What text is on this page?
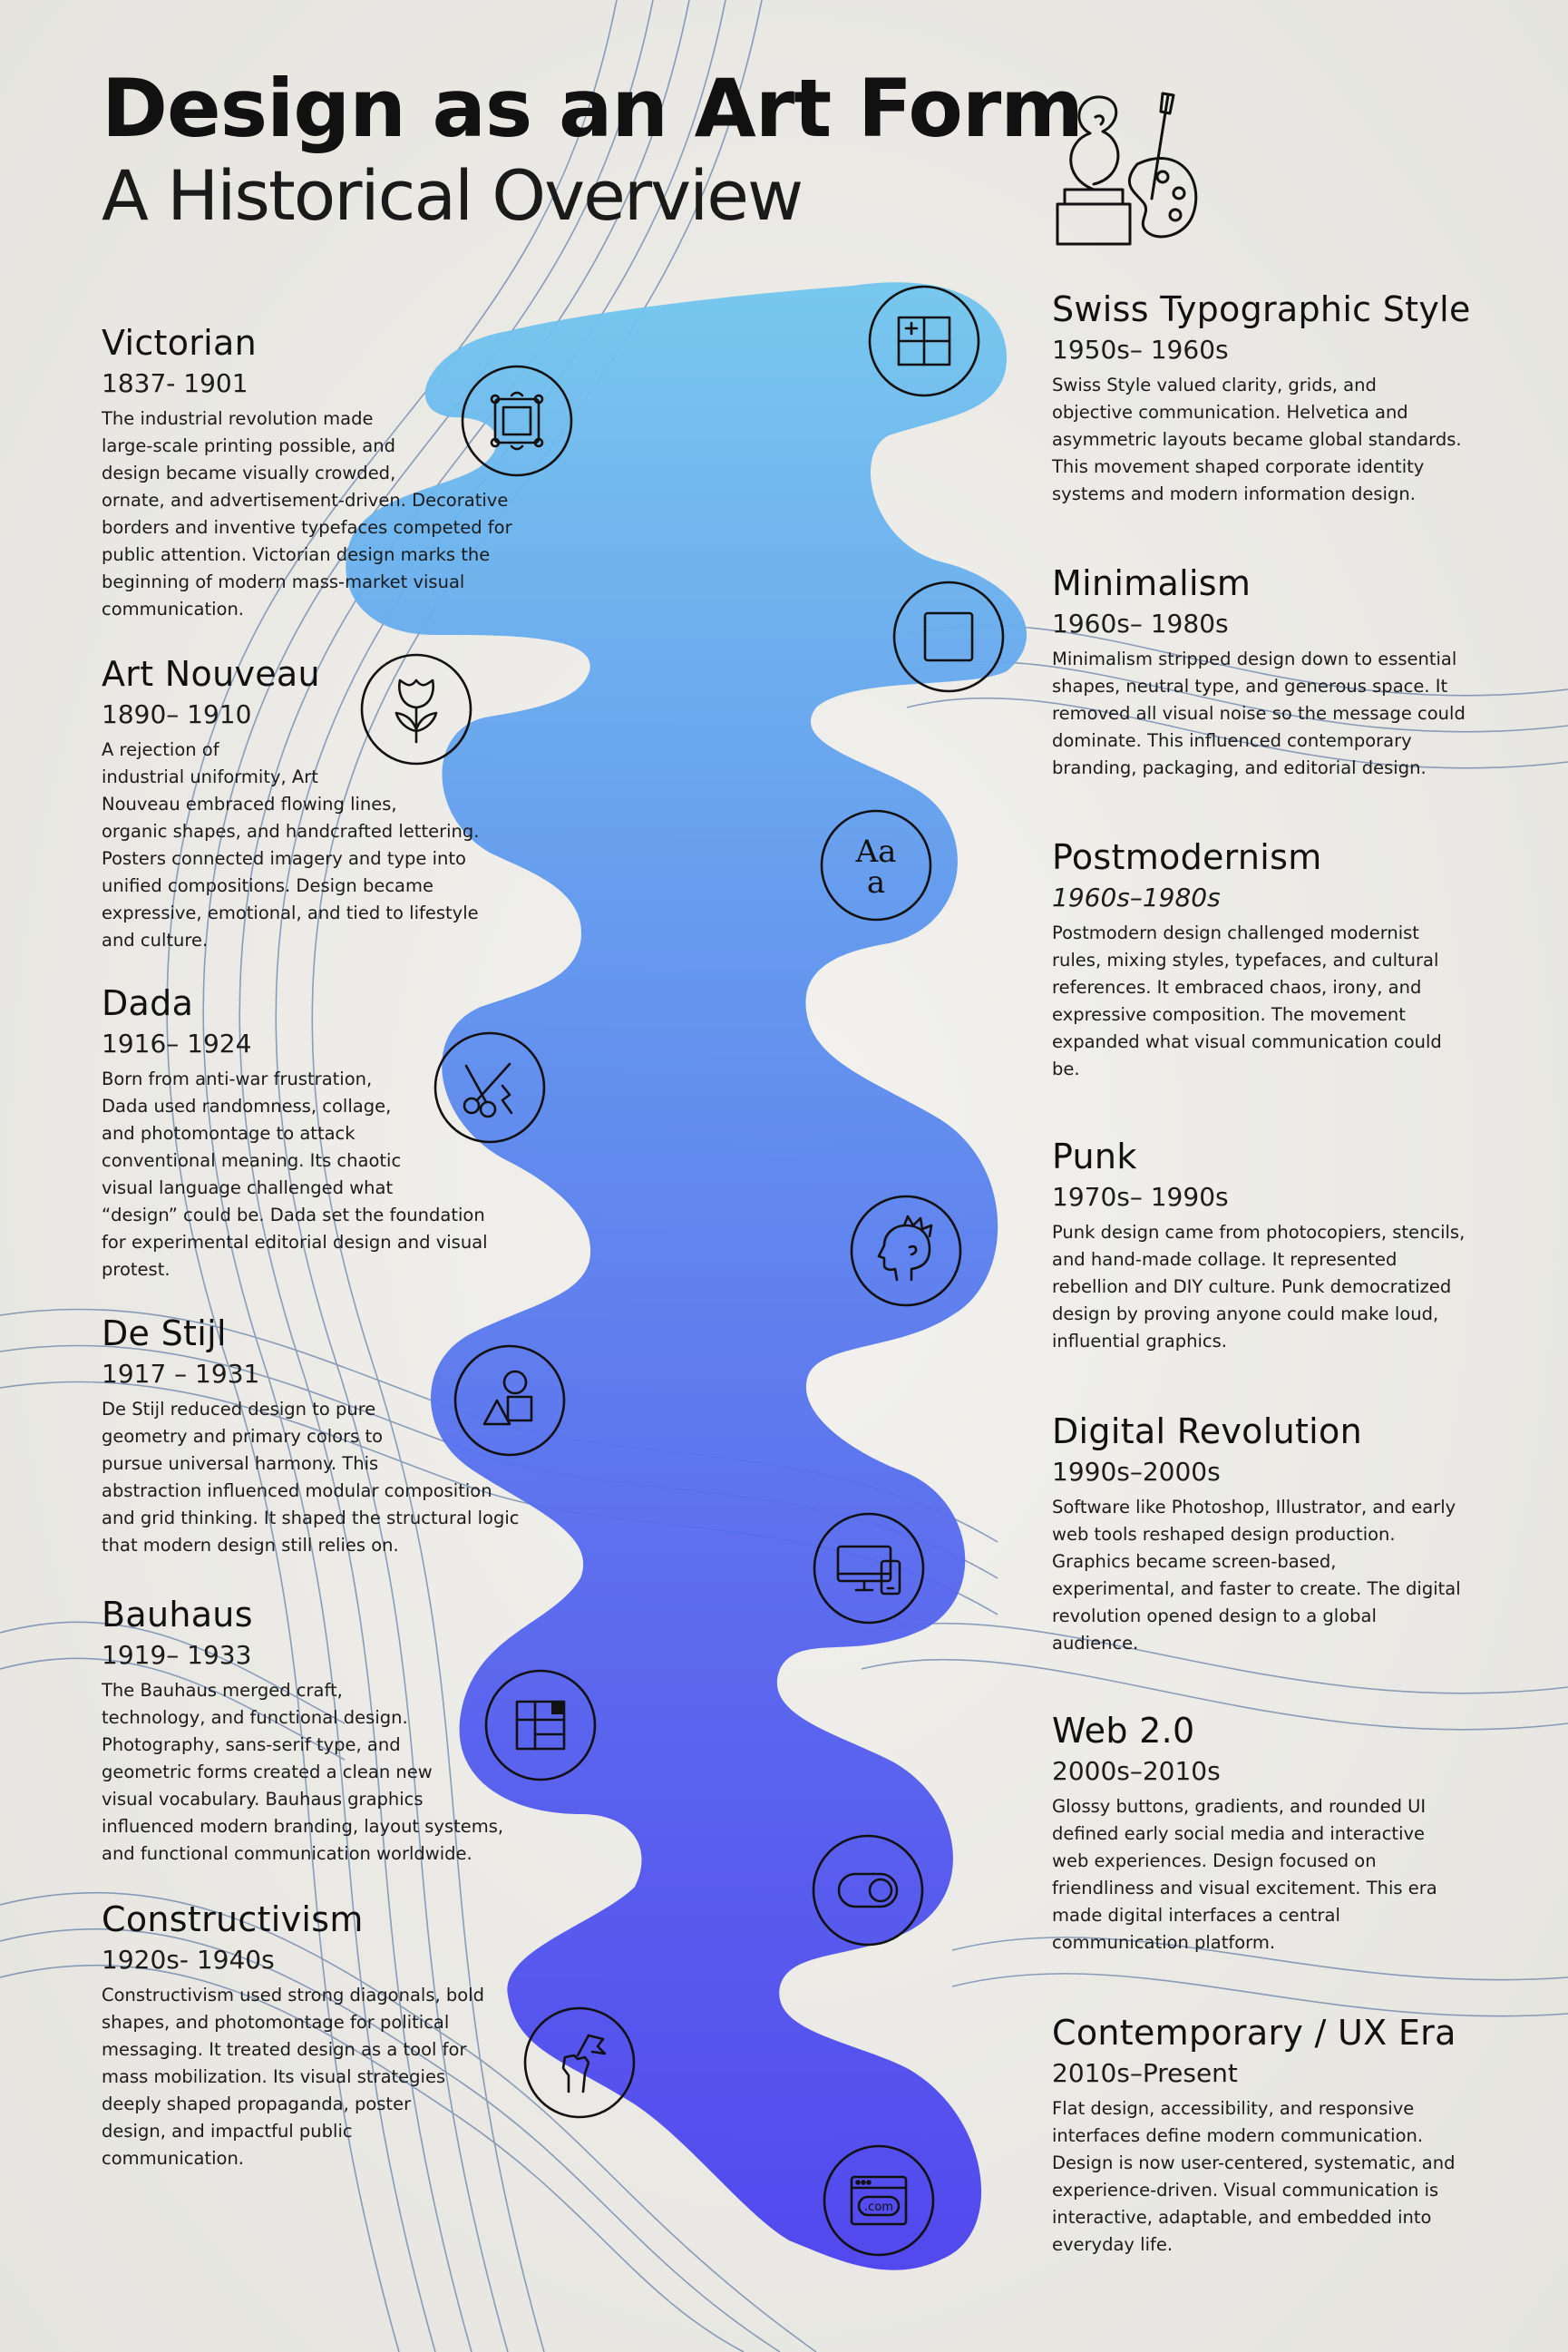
Design as an Art Form
A Historical Overview
Victorian
1837- 1901

The industrial revolution made
large-scale printing possible, and
design became visually crowded,
ornate, and advertisement-driven. Decorative
borders and inventive typefaces competed for
public attention. Victorian design marks the
beginning of modern mass-market visual
communication.

Art Nouveau
1890– 1910

A rejection of
industrial uniformity, Art
Nouveau embraced flowing lines,
organic shapes, and handcrafted lettering.
Posters connected imagery and type into
unified compositions. Design became
expressive, emotional, and tied to lifestyle
and culture.

Dada
1916– 1924

Born from anti-war frustration,
Dada used randomness, collage,
and photomontage to attack
conventional meaning. Its chaotic
visual language challenged what
“design” could be. Dada set the foundation
for experimental editorial design and visual
protest.

De Stijl
1917 – 1931

De Stijl reduced design to pure
geometry and primary colors to
pursue universal harmony. This
abstraction influenced modular composition
and grid thinking. It shaped the structural logic
that modern design still relies on.

Bauhaus
1919– 1933

The Bauhaus merged craft,
technology, and functional design.
Photography, sans-serif type, and
geometric forms created a clean new
visual vocabulary. Bauhaus graphics
influenced modern branding, layout systems,
and functional communication worldwide.

Constructivism
1920s- 1940s

Constructivism used strong diagonals, bold
shapes, and photomontage for political
messaging. It treated design as a tool for
mass mobilization. Its visual strategies
deeply shaped propaganda, poster
design, and impactful public
communication.

Swiss Typographic Style
1950s– 1960s

Swiss Style valued clarity, grids, and
objective communication. Helvetica and
asymmetric layouts became global standards.
This movement shaped corporate identity
systems and modern information design.

Minimalism
1960s– 1980s

Minimalism stripped design down to essential
shapes, neutral type, and generous space. It
removed all visual noise so the message could
dominate. This influenced contemporary
branding, packaging, and editorial design.

Postmodernism
1960s–1980s

Postmodern design challenged modernist
rules, mixing styles, typefaces, and cultural
references. It embraced chaos, irony, and
expressive composition. The movement
expanded what visual communication could
be.

Punk
1970s– 1990s

Punk design came from photocopiers, stencils,
and hand-made collage. It represented
rebellion and DIY culture. Punk democratized
design by proving anyone could make loud,
influential graphics.

Digital Revolution
1990s–2000s

Software like Photoshop, Illustrator, and early
web tools reshaped design production.
Graphics became screen-based,
experimental, and faster to create. The digital
revolution opened design to a global
audience.

Web 2.0
2000s–2010s

Glossy buttons, gradients, and rounded UI
defined early social media and interactive
web experiences. Design focused on
friendliness and visual excitement. This era
made digital interfaces a central
communication platform.

Contemporary / UX Era
2010s–Present

Flat design, accessibility, and responsive
interfaces define modern communication.
Design is now user-centered, systematic, and
experience-driven. Visual communication is
interactive, adaptable, and embedded into
everyday life.

Aa
a
.com
